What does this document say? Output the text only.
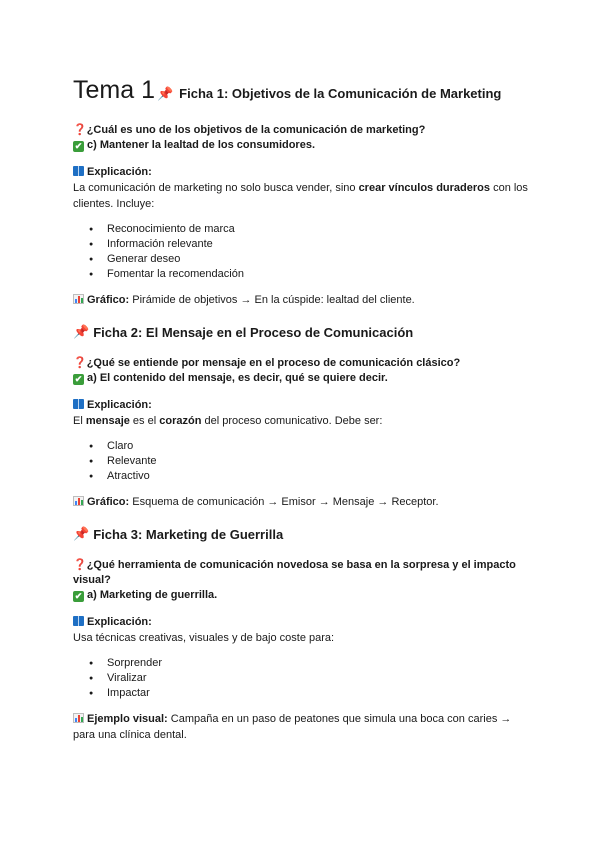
Tema 1 📌 Ficha 1: Objetivos de la Comunicación de Marketing
❓¿Cuál es uno de los objetivos de la comunicación de marketing?
✔ c) Mantener la lealtad de los consumidores.
Explicación:
La comunicación de marketing no solo busca vender, sino crear vínculos duraderos con los clientes. Incluye:
● Reconocimiento de marca
● Información relevante
● Generar deseo
● Fomentar la recomendación
Gráfico: Pirámide de objetivos → En la cúspide: lealtad del cliente.
📌 Ficha 2: El Mensaje en el Proceso de Comunicación
❓¿Qué se entiende por mensaje en el proceso de comunicación clásico?
✔ a) El contenido del mensaje, es decir, qué se quiere decir.
Explicación:
El mensaje es el corazón del proceso comunicativo. Debe ser:
● Claro
● Relevante
● Atractivo
Gráfico: Esquema de comunicación → Emisor → Mensaje → Receptor.
📌 Ficha 3: Marketing de Guerrilla
❓¿Qué herramienta de comunicación novedosa se basa en la sorpresa y el impacto visual?
✔ a) Marketing de guerrilla.
Explicación:
Usa técnicas creativas, visuales y de bajo coste para:
● Sorprender
● Viralizar
● Impactar
Ejemplo visual: Campaña en un paso de peatones que simula una boca con caries → para una clínica dental.
